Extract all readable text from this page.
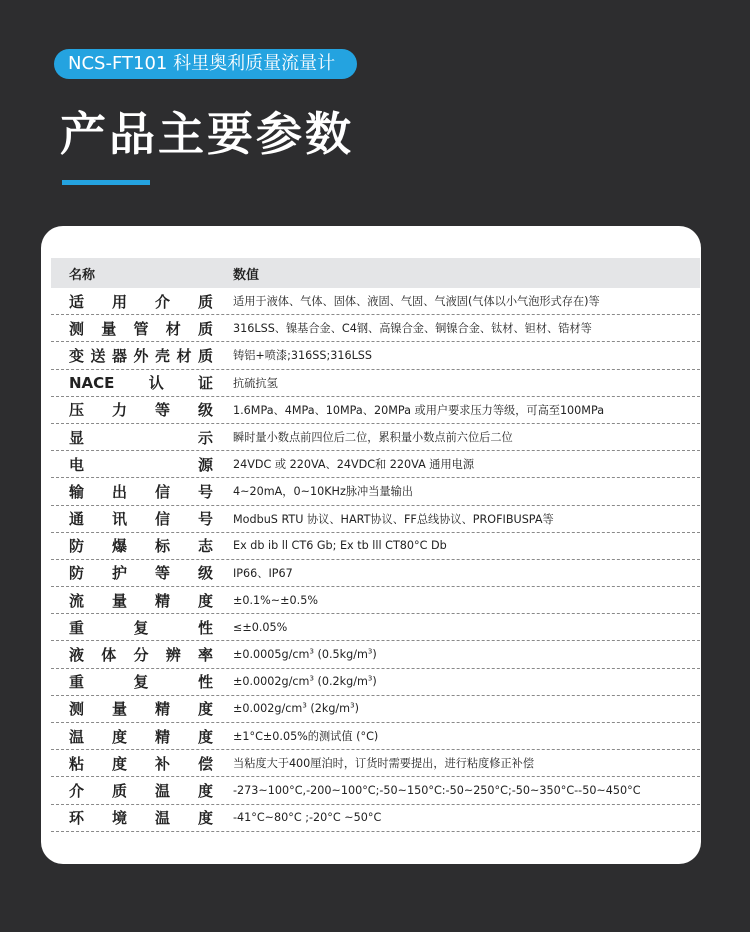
NCS-FT101 科里奥利质量流量计
产品主要参数
名称	数值
适用介质	适用于液体、气体、固体、液固、气固、气液固(气体以小气泡形式存在)等
测量管材质	316LSS、镍基合金、C4钢、高镍合金、铜镍合金、钛材、钽材、锆材等
变送器外壳材质	铸铝+喷漆;316SS;316LSS
NACE认证	抗硫抗氢
压力等级	1.6MPa、4MPa、10MPa、20MPa 或用户要求压力等级，可高至100MPa
显示	瞬时量小数点前四位后二位，累积量小数点前六位后二位
电源	24VDC 或 220VA、24VDC和 220VA 通用电源
输出信号	4~20mA，0~10KHz脉冲当量输出
通讯信号	ModbuS RTU 协议、HART协议、FF总线协议、PROFIBUSPA等
防爆标志	Ex db ib ll CT6 Gb; Ex tb lll CT80°C Db
防护等级	IP66、IP67
流量精度	±0.1%~±0.5%
重复性	≤±0.05%
液体分辨率	$\pm 0.0005g/cm^3$ $(0.5kg/m^3)$
重复性	$\pm 0.0002g/cm^3$ $(0.2kg/m^3)$
测量精度	$\pm 0.002g/cm^3$ $(2kg/m^3)$
温度精度	±1°C±0.05%的测试值 (°C)
粘度补偿	当粘度大于400厘泊时，订货时需要提出，进行粘度修正补偿
介质温度	-273~100°C,-200~100°C;-50~150°C:-50~250°C;-50~350°C--50~450°C
环境温度	-41°C~80°C ;-20°C ~50°C
